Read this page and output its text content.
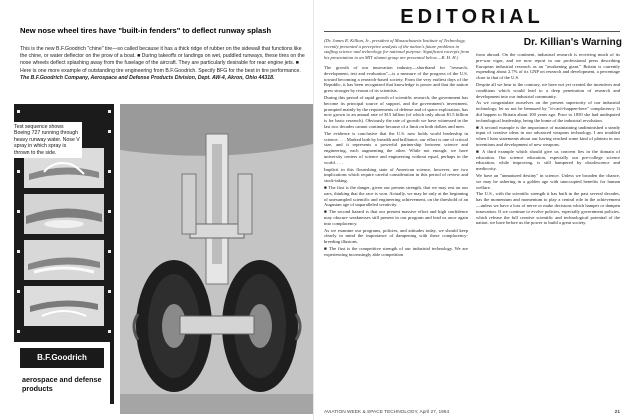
New nose wheel tires have "built-in fenders" to deflect runway splash
This is the new B.F.Goodrich "chine" tire—so called because it has a thick ridge of rubber on the sidewall that functions like the chine, or water deflector on the prow of a boat. ■ During takeoffs or landings on wet, puddled runways, these tires on the nose wheels deflect splashing away from the fuselage of the aircraft. They are particularly desirable for rear engine jets. ■ Here is one more example of outstanding tire engineering from B.F.Goodrich. Specify BFG for the best in tire performance.
The B.F.Goodrich Company, Aerospace and Defense Products Division, Dept. AW-4, Akron, Ohio 44318.
Test sequence shows Boeing 727 running through heavy runway water. Nose V spray in which spray is thrown to the side.
B.F.Goodrich
aerospace and defense products
EDITORIAL
Dr. Killian's Warning
(Dr. James R. Killian, Jr., president of Massachusetts Institute of Technology, recently presented a perceptive analysis of the nation's future problems in staffing science and technology for national purpose. Significant excerpts from his presentation to an MIT alumni group are presented below.—R. H. H.)

The growth of our innovation industry—shorthand for "research, development, test and evaluation"—is a measure of the progress of the U.S. toward becoming a research-based society. From the very earliest days of the Republic, it has been recognized that knowledge is power and that the nation grew stronger by reason of its scientists.

During this period of rapid growth of scientific research, the government has become its principal source of support, and the government's investment, prompted mainly by the requirements of defense and of space exploration, has now grown to an annual rate of $15 billion (of which only about $1.5 billion is for basic research). Obviously the rate of growth we have witnessed in the last two decades cannot continue because of a limit on both dollars and men.

The evidence is conclusive that the U.S. now holds world leadership in science. . . . Marked both by breadth and brilliance, our effort is one of critical size, and it represents a powerful partnership between science and engineering, each augmenting the other. While not enough, we have university centers of science and engineering without equal, perhaps in the world. . . .

Implicit in this flourishing state of American science, however, are two implications which require careful consideration in this period of review and stock-taking.

■ The first is the danger, given our present strength, that we may rest on our oars, thinking that the race is won. Actually, we may be only at the beginning of unexampled scientific and engineering achievement, on the threshold of an Augustan age of unparalleled creativity.

■ The second hazard is that our present massive effort and high confidence may obscure weaknesses still present in our program and lead us once again into complacency.

As we examine our programs, policies, and attitudes today, we should keep clearly in mind the importance of dampening with these complacency-breeding illusions.

■ The first is the competitive strength of our industrial technology. We are experiencing increasingly able competition

from abroad. On the continent, industrial research is receiving much of its pre-war vigor, and we now report in our professional press describing European industrial research as an "awakening giant." Britain is currently expending about 2.7% of its GNP on research and development, a percentage close to that of the U.S.

Despite all we hear to the contrary, we have not yet created the incentives and conditions which would lead to a deep penetration of research and development into our industrial community.

As we congratulate ourselves on the present superiority of our industrial technology, let us not be bemused by "it-can't-happen-here" complacency. It did happen to Britain about 100 years ago. Prior to 1850 she had undisputed technological leadership, being the home of the industrial revolution.

■ A second example is the importance of maintaining undiminished a steady input of creative ideas in our advanced weapons technology. I am troubled when I hear statements about our having reached some kind of plateau in our inventions and development of new weapons.

■ A third example which should give us concern lies in the domain of education. Our science education, especially our pre-college science education, while improving, is still hampered by obsolescence and mediocrity.

We have an "unmatured destiny" in science. Unless we broaden the chance, we may be ushering in a golden age with unoccupied benefits for human welfare.

The U.S., with the scientific strength it has built in the past several decades, has the momentum and momentum to play a central role in the achievement—unless we have a loss of nerve or make decisions which hamper or dampen innovation. If we continue to evolve policies, especially government policies, which release the full creative scientific and technological potential of the nation, we have before us the power to build a great society.

AVIATION WEEK & SPACE TECHNOLOGY, April 27, 1964	21
